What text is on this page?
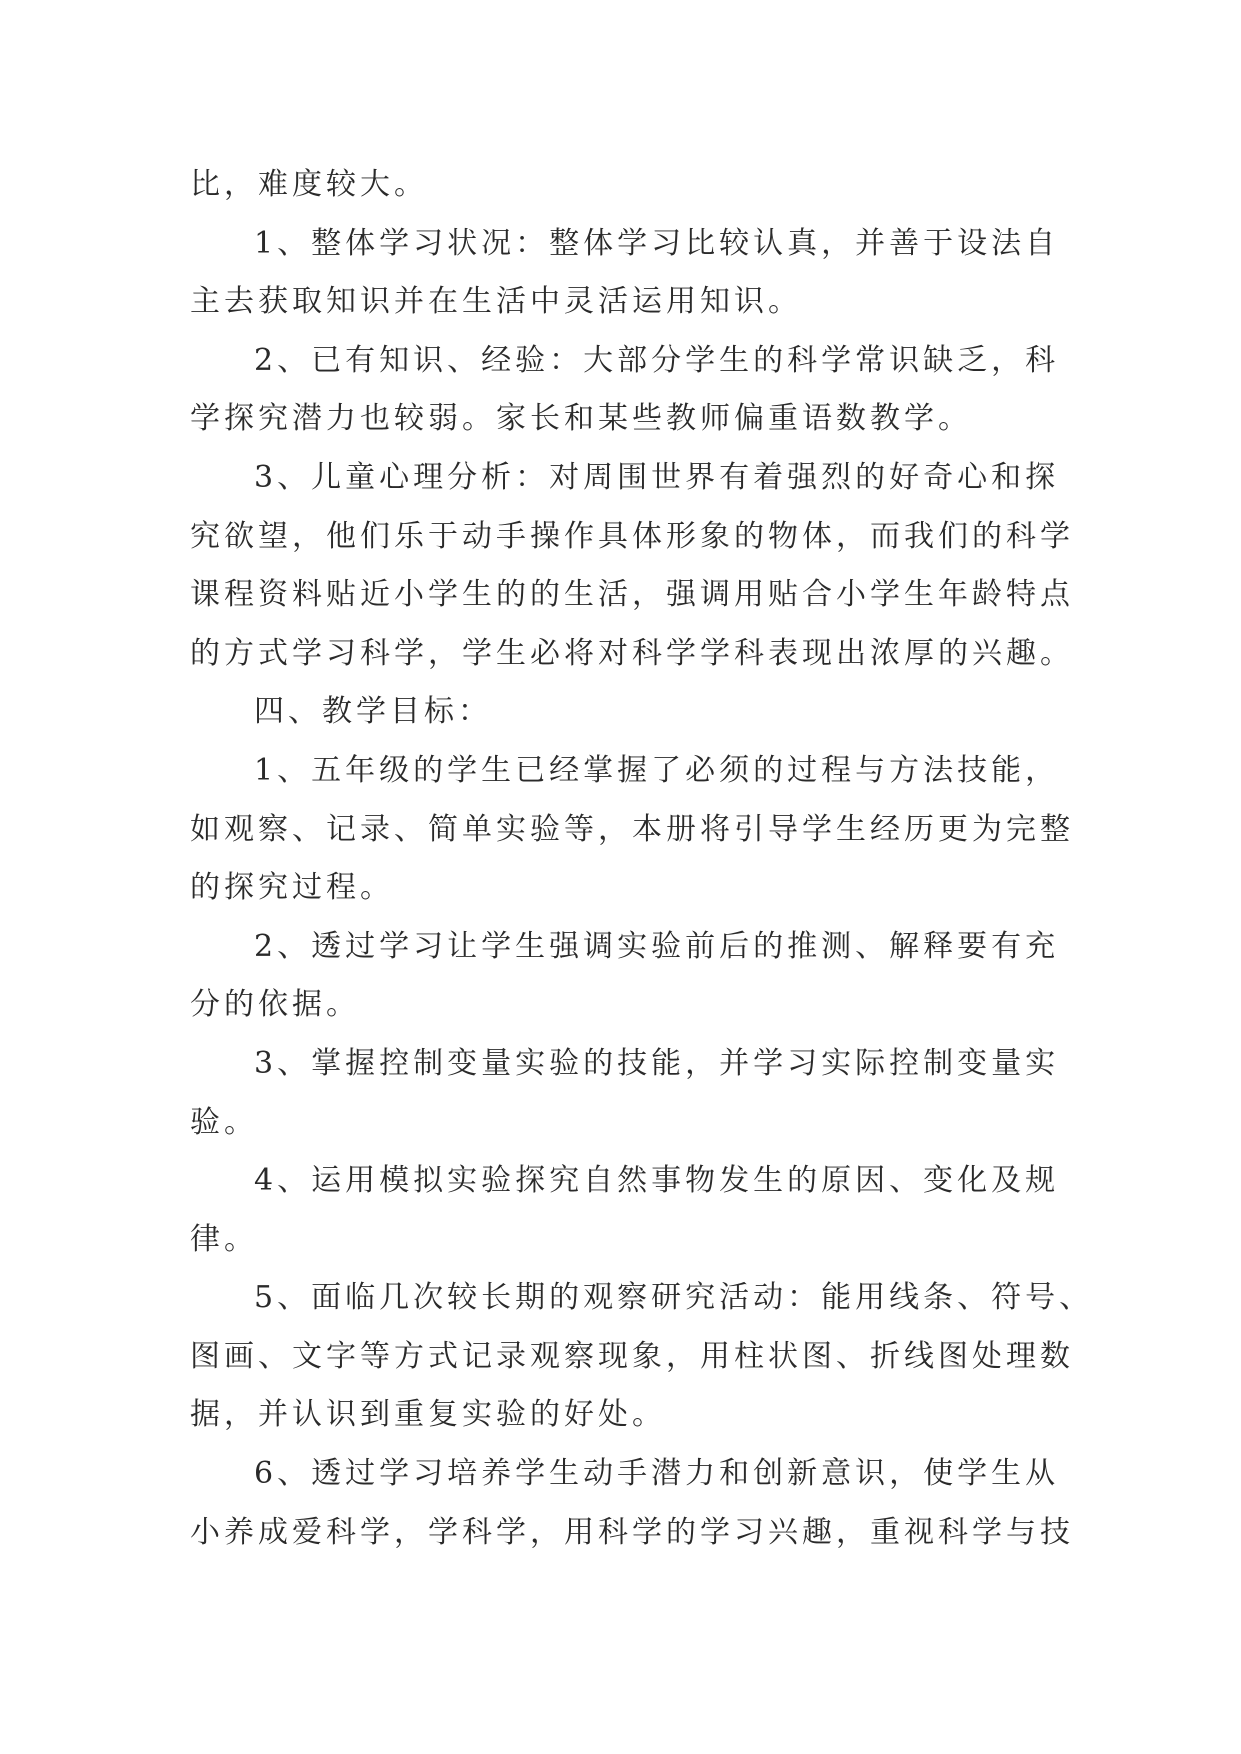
比，难度较大。
1、整体学习状况：整体学习比较认真，并善于设法自
主去获取知识并在生活中灵活运用知识。
2、已有知识、经验：大部分学生的科学常识缺乏，科
学探究潜力也较弱。家长和某些教师偏重语数教学。
3、儿童心理分析：对周围世界有着强烈的好奇心和探
究欲望，他们乐于动手操作具体形象的物体，而我们的科学
课程资料贴近小学生的的生活，强调用贴合小学生年龄特点
的方式学习科学，学生必将对科学学科表现出浓厚的兴趣。
四、教学目标：
1、五年级的学生已经掌握了必须的过程与方法技能，
如观察、记录、简单实验等，本册将引导学生经历更为完整
的探究过程。
2、透过学习让学生强调实验前后的推测、解释要有充
分的依据。
3、掌握控制变量实验的技能，并学习实际控制变量实
验。
4、运用模拟实验探究自然事物发生的原因、变化及规
律。
5、面临几次较长期的观察研究活动：能用线条、符号、
图画、文字等方式记录观察现象，用柱状图、折线图处理数
据，并认识到重复实验的好处。
6、透过学习培养学生动手潜力和创新意识，使学生从
小养成爱科学，学科学，用科学的学习兴趣，重视科学与技
